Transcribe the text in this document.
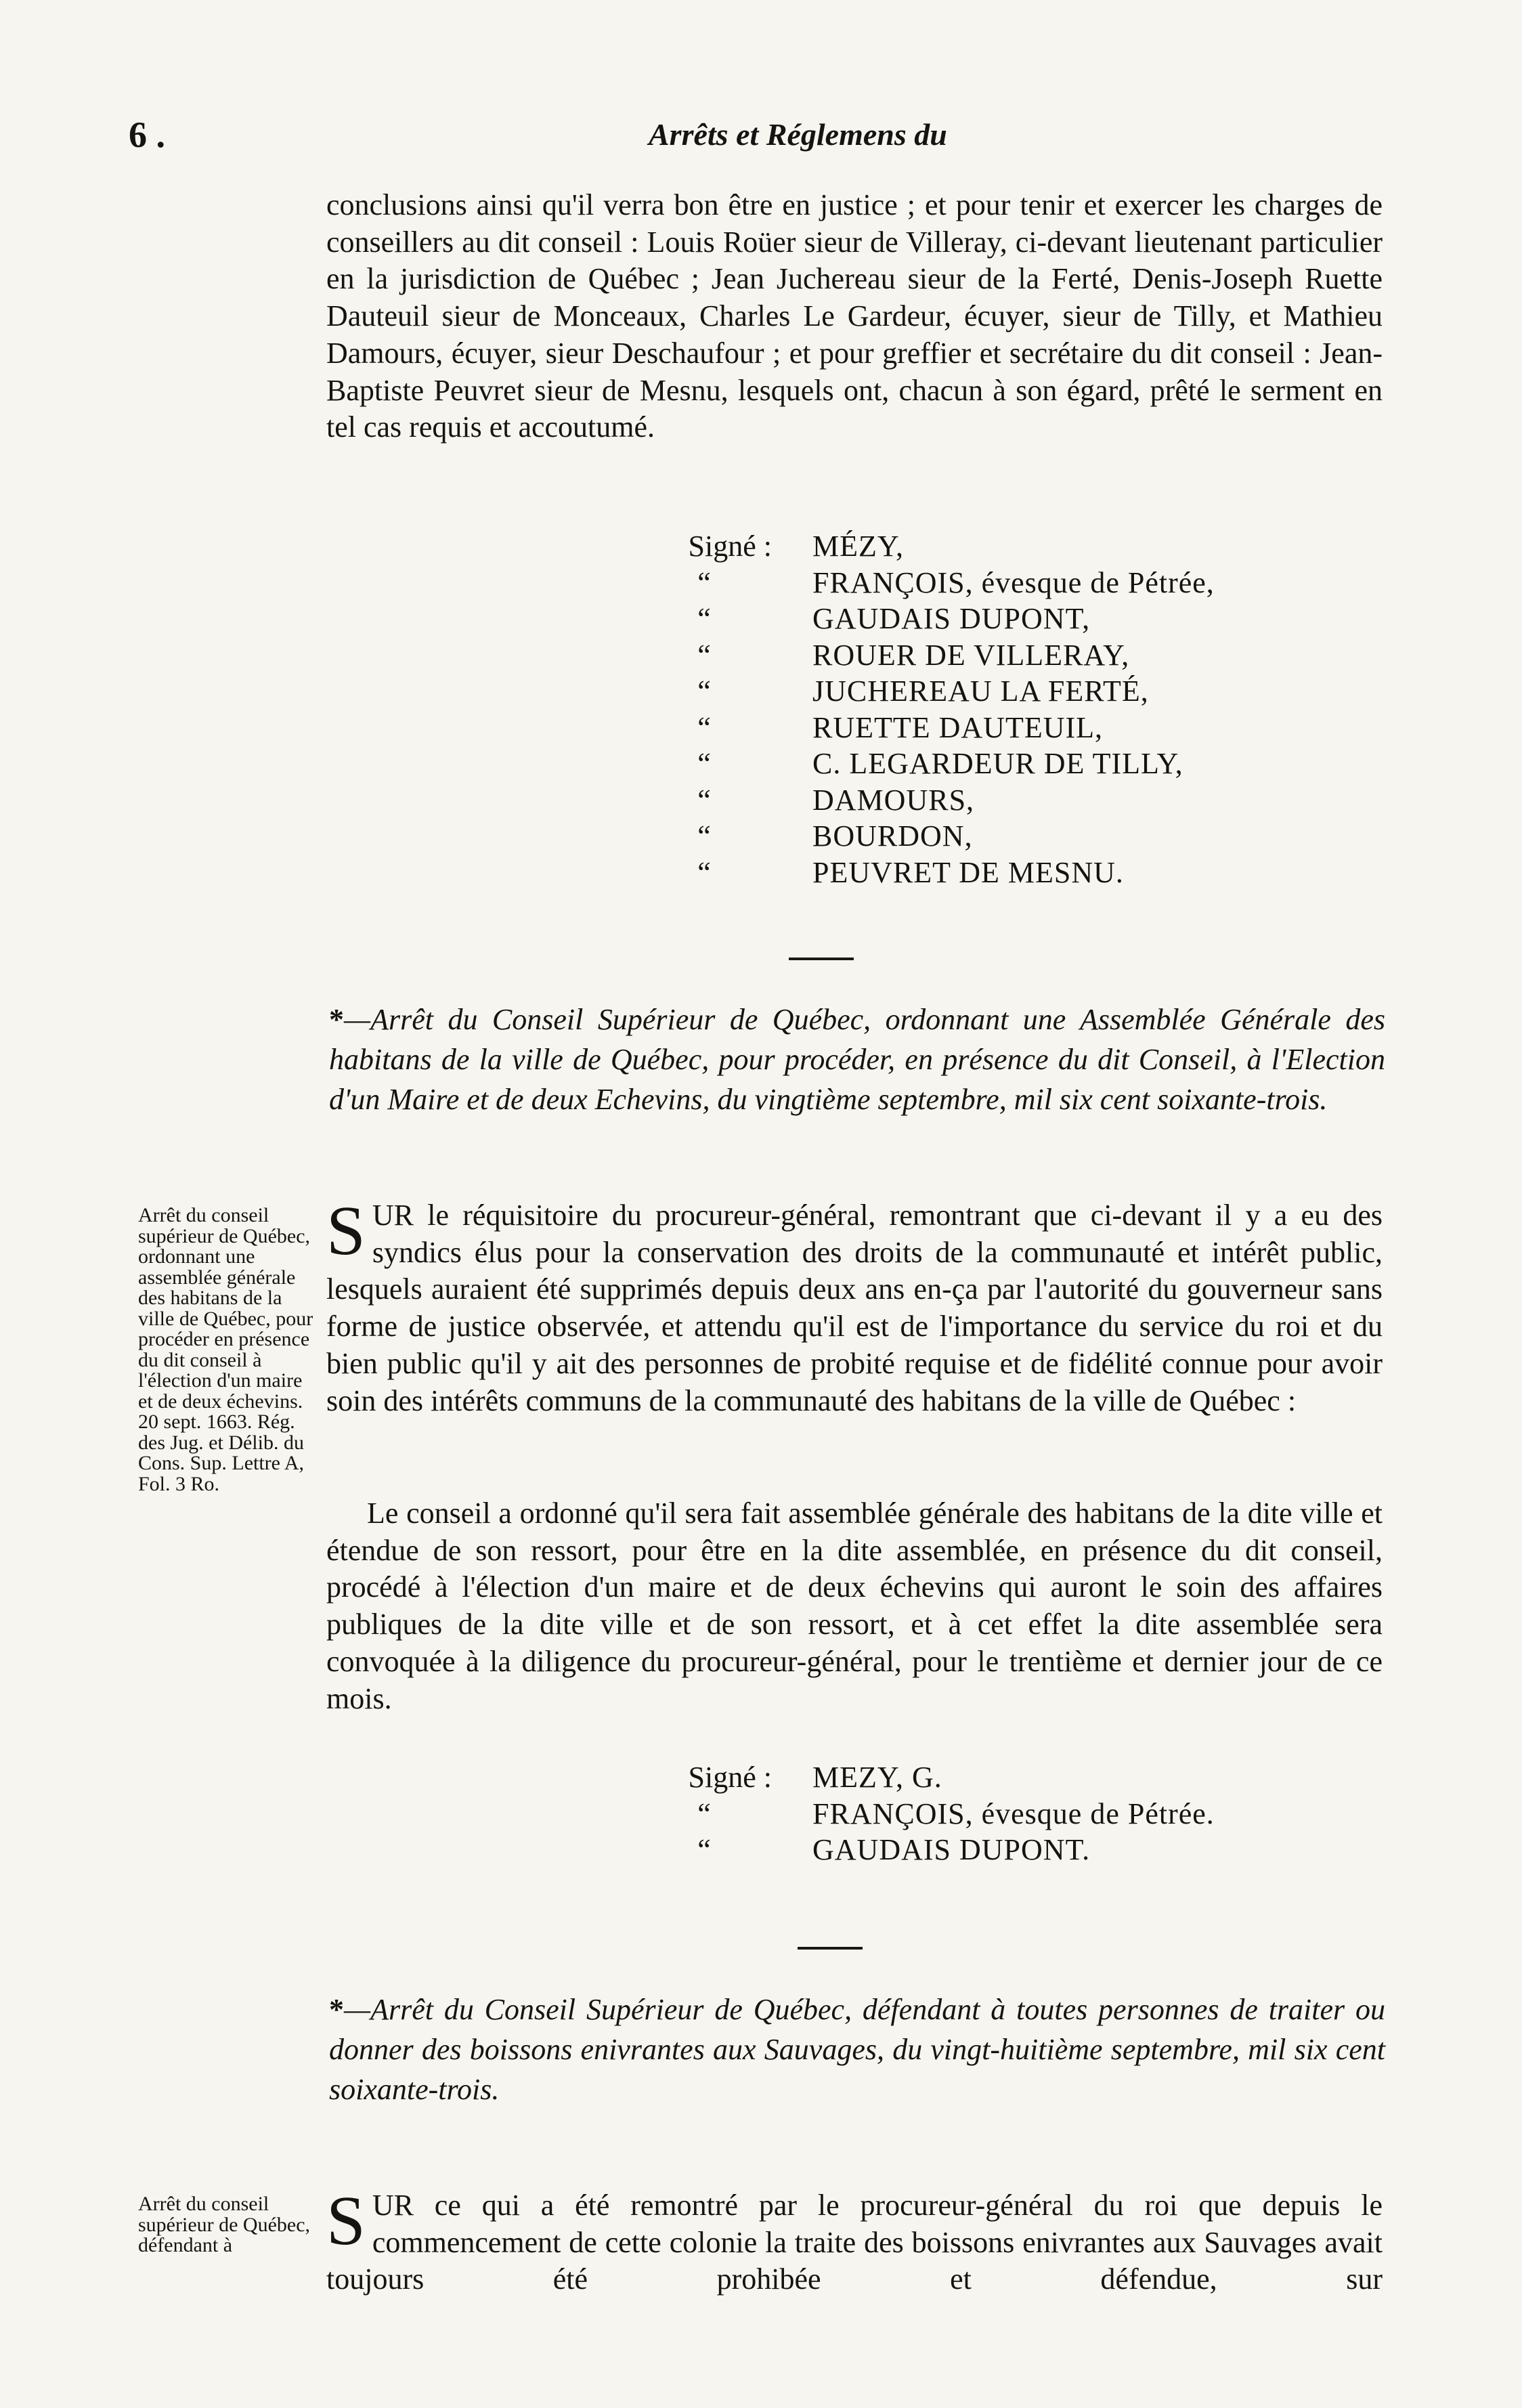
6 .	Arrêts et Réglemens du

conclusions ainsi qu'il verra bon être en justice ; et pour tenir et exercer les charges de conseillers au dit conseil : Louis Roüer sieur de Villeray, ci-devant lieutenant particulier en la jurisdiction de Québec ; Jean Juchereau sieur de la Ferté, Denis-Joseph Ruette Dauteuil sieur de Monceaux, Charles Le Gardeur, écuyer, sieur de Tilly, et Mathieu Damours, écuyer, sieur Deschaufour ; et pour greffier et secrétaire du dit conseil : Jean-Baptiste Peuvret sieur de Mesnu, lesquels ont, chacun à son égard, prêté le serment en tel cas requis et accoutumé.

Signé :	MÉZY,
“	FRANÇOIS, évesque de Pétrée,
“	GAUDAIS DUPONT,
“	ROUER DE VILLERAY,
“	JUCHEREAU LA FERTÉ,
“	RUETTE DAUTEUIL,
“	C. LEGARDEUR DE TILLY,
“	DAMOURS,
“	BOURDON,
“	PEUVRET DE MESNU.
*—Arrêt du Conseil Supérieur de Québec, ordonnant une Assemblée Générale des habitans de la ville de Québec, pour procéder, en présence du dit Conseil, à l'Election d'un Maire et de deux Echevins, du vingtième septembre, mil six cent soixante-trois.
Arrêt du conseil supérieur de Québec, ordonnant une assemblée générale des habitans de la ville de Québec, pour procéder en présence du dit conseil à l'élection d'un maire et de deux échevins. 20 sept. 1663. Rég. des Jug. et Délib. du Cons. Sup. Lettre A, Fol. 3 Ro.
SUR le réquisitoire du procureur-général, remontrant que ci-devant il y a eu des syndics élus pour la conservation des droits de la communauté et intérêt public, lesquels auraient été supprimés depuis deux ans en-ça par l'autorité du gouverneur sans forme de justice observée, et attendu qu'il est de l'importance du service du roi et du bien public qu'il y ait des personnes de probité requise et de fidélité connue pour avoir soin des intérêts communs de la communauté des habitans de la ville de Québec :

Le conseil a ordonné qu'il sera fait assemblée générale des habitans de la dite ville et étendue de son ressort, pour être en la dite assemblée, en présence du dit conseil, procédé à l'élection d'un maire et de deux échevins qui auront le soin des affaires publiques de la dite ville et de son ressort, et à cet effet la dite assemblée sera convoquée à la diligence du procureur-général, pour le trentième et dernier jour de ce mois.

Signé :	MEZY, G.
“	FRANÇOIS, évesque de Pétrée.
“	GAUDAIS DUPONT.
*—Arrêt du Conseil Supérieur de Québec, défendant à toutes personnes de traiter ou donner des boissons enivrantes aux Sauvages, du vingt-huitième septembre, mil six cent soixante-trois.
Arrêt du conseil supérieur de Québec, défendant à	SUR ce qui a été remontré par le procureur-général du roi que depuis le commencement de cette colonie la traite des boissons enivrantes aux Sauvages avait toujours été prohibée et défendue, sur
